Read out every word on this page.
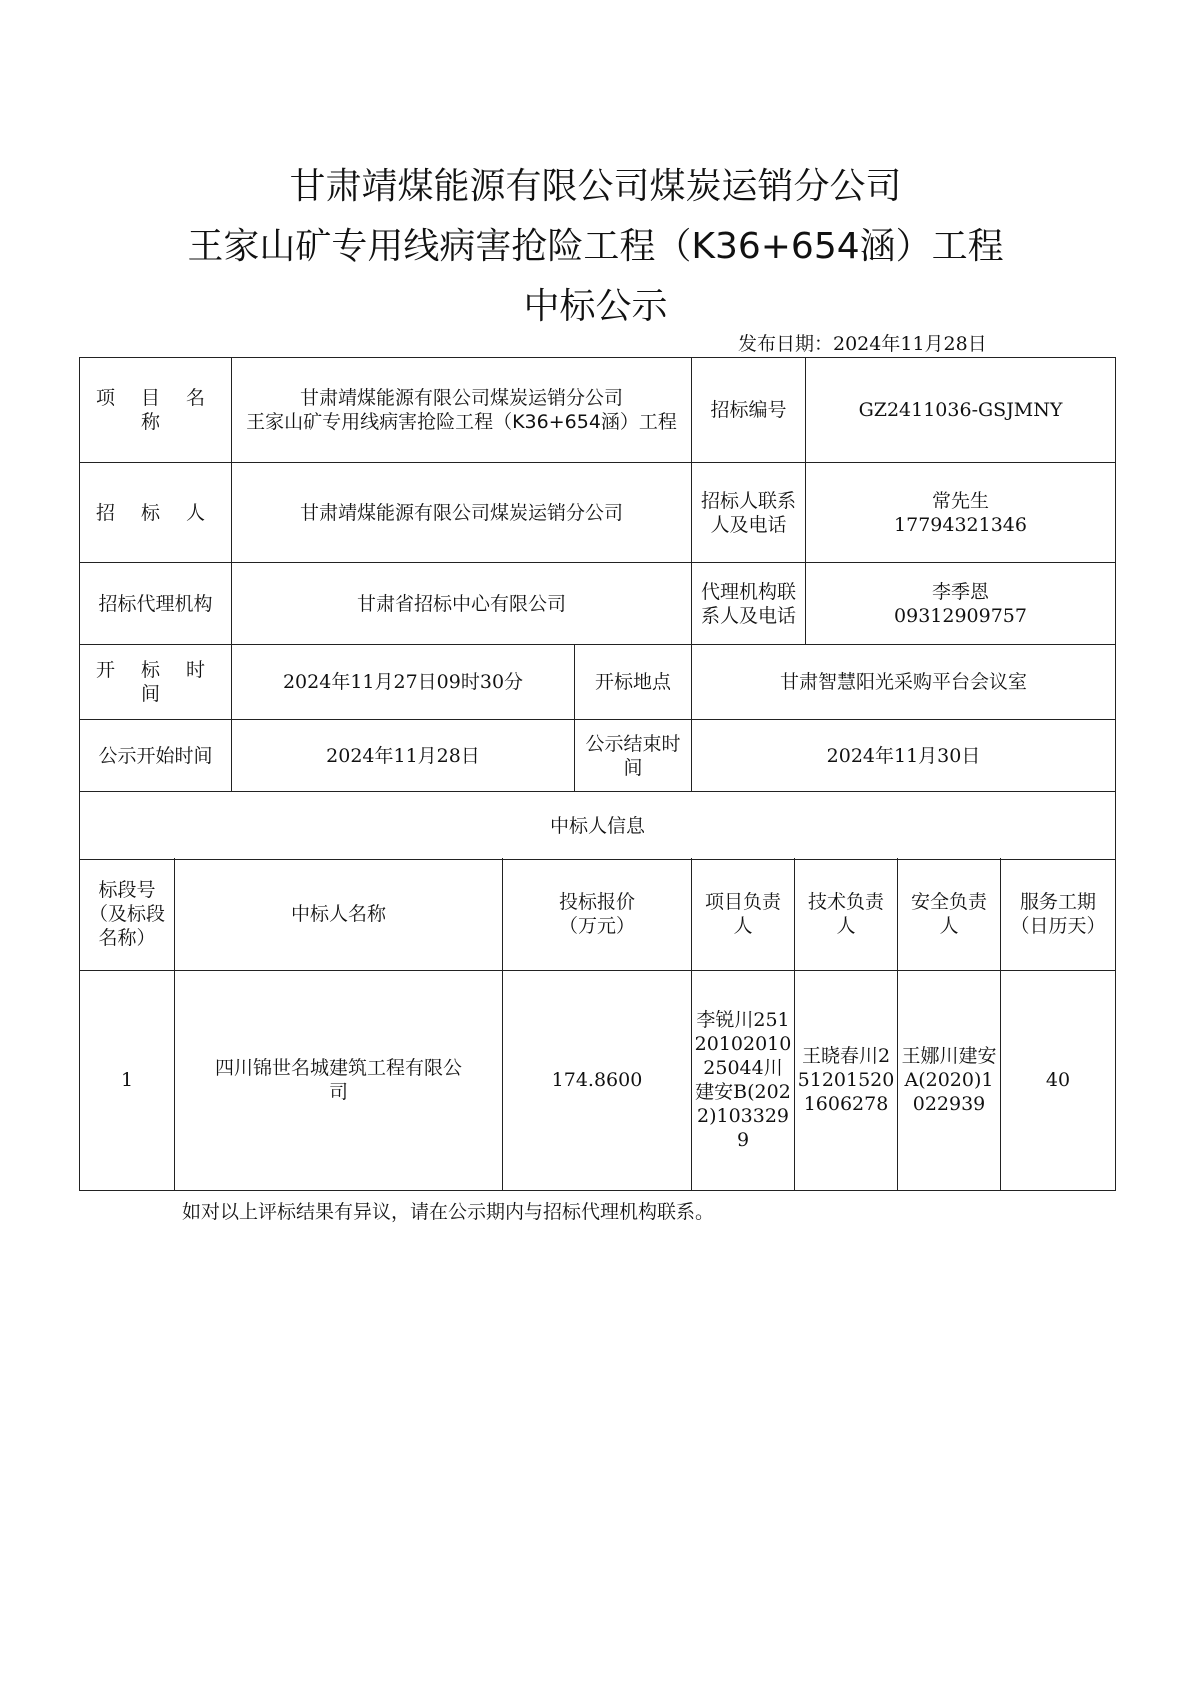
甘肃靖煤能源有限公司煤炭运销分公司
王家山矿专用线病害抢险工程（K36+654涵）工程
中标公示
发布日期：2024年11月28日
项 目 名 称	甘肃靖煤能源有限公司煤炭运销分公司
王家山矿专用线病害抢险工程（K36+654涵）工程		招标编号	GZ2411036-GSJMNY
招 标 人	甘肃靖煤能源有限公司煤炭运销分公司		招标人联系人及电话	常先生
17794321346

招标代理机构	甘肃省招标中心有限公司		代理机构联系人及电话	李季恩
09312909757

开 标 时 间	2024年11月27日09时30分	开标地点	甘肃智慧阳光采购平台会议室	
公示开始时间	2024年11月28日	公示结束时间	2024年11月30日	
中标人信息				
标段号（及标段名称）	中标人名称	投标报价（万元）	项目负责人	技术负责人	安全负责人	服务工期（日历天）
1	四川锦世名城建筑工程有限公司	174.8600	李锐川2512010201025044川建安B(2022)1033299	王晓春川2512015201606278	王娜川建安A(2020)1022939	40
如对以上评标结果有异议，请在公示期内与招标代理机构联系。
